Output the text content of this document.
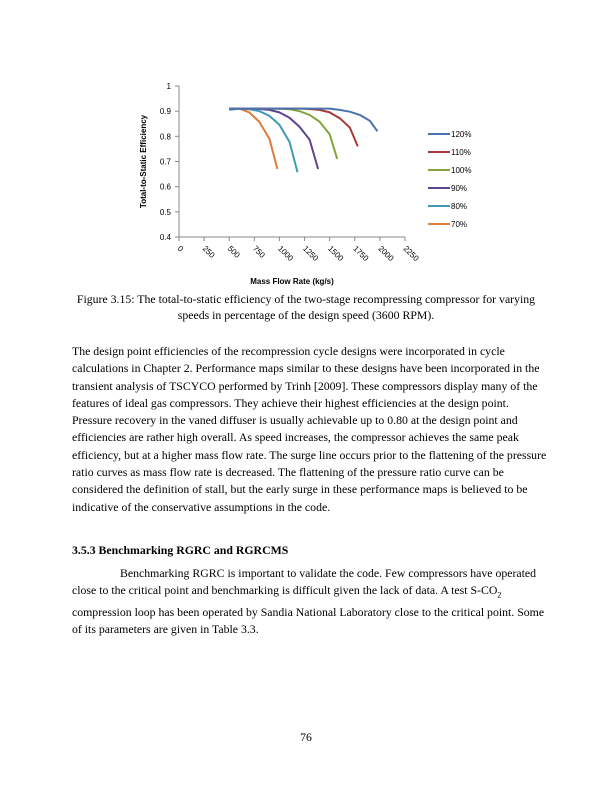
0.4
0.5
0.6
0.7
0.8
0.9
1
0 250 500 750 1000 1250 1500 1750 2000 2250
Mass Flow Rate (kg/s)
Total-to-Static Efficiency	120%
110%
100%
90%
80%
70%
Figure 3.15: The total-to-static efficiency of the two-stage recompressing compressor for varying
speeds in percentage of the design speed (3600 RPM).

The design point efficiencies of the recompression cycle designs were incorporated in cycle calculations in Chapter 2. Performance maps similar to these designs have been incorporated in the transient analysis of TSCYCO performed by Trinh [2009]. These compressors display many of the features of ideal gas compressors. They achieve their highest efficiencies at the design point. Pressure recovery in the vaned diffuser is usually achievable up to 0.80 at the design point and efficiencies are rather high overall. As speed increases, the compressor achieves the same peak efficiency, but at a higher mass flow rate. The surge line occurs prior to the flattening of the pressure ratio curves as mass flow rate is decreased. The flattening of the pressure ratio curve can be considered the definition of stall, but the early surge in these performance maps is believed to be indicative of the conservative assumptions in the code.

3.5.3 Benchmarking RGRC and RGRCMS

Benchmarking RGRC is important to validate the code. Few compressors have operated close to the critical point and benchmarking is difficult given the lack of data. A test $S-CO_2$ compression loop has been operated by Sandia National Laboratory close to the critical point. Some of its parameters are given in Table 3.3.

76
